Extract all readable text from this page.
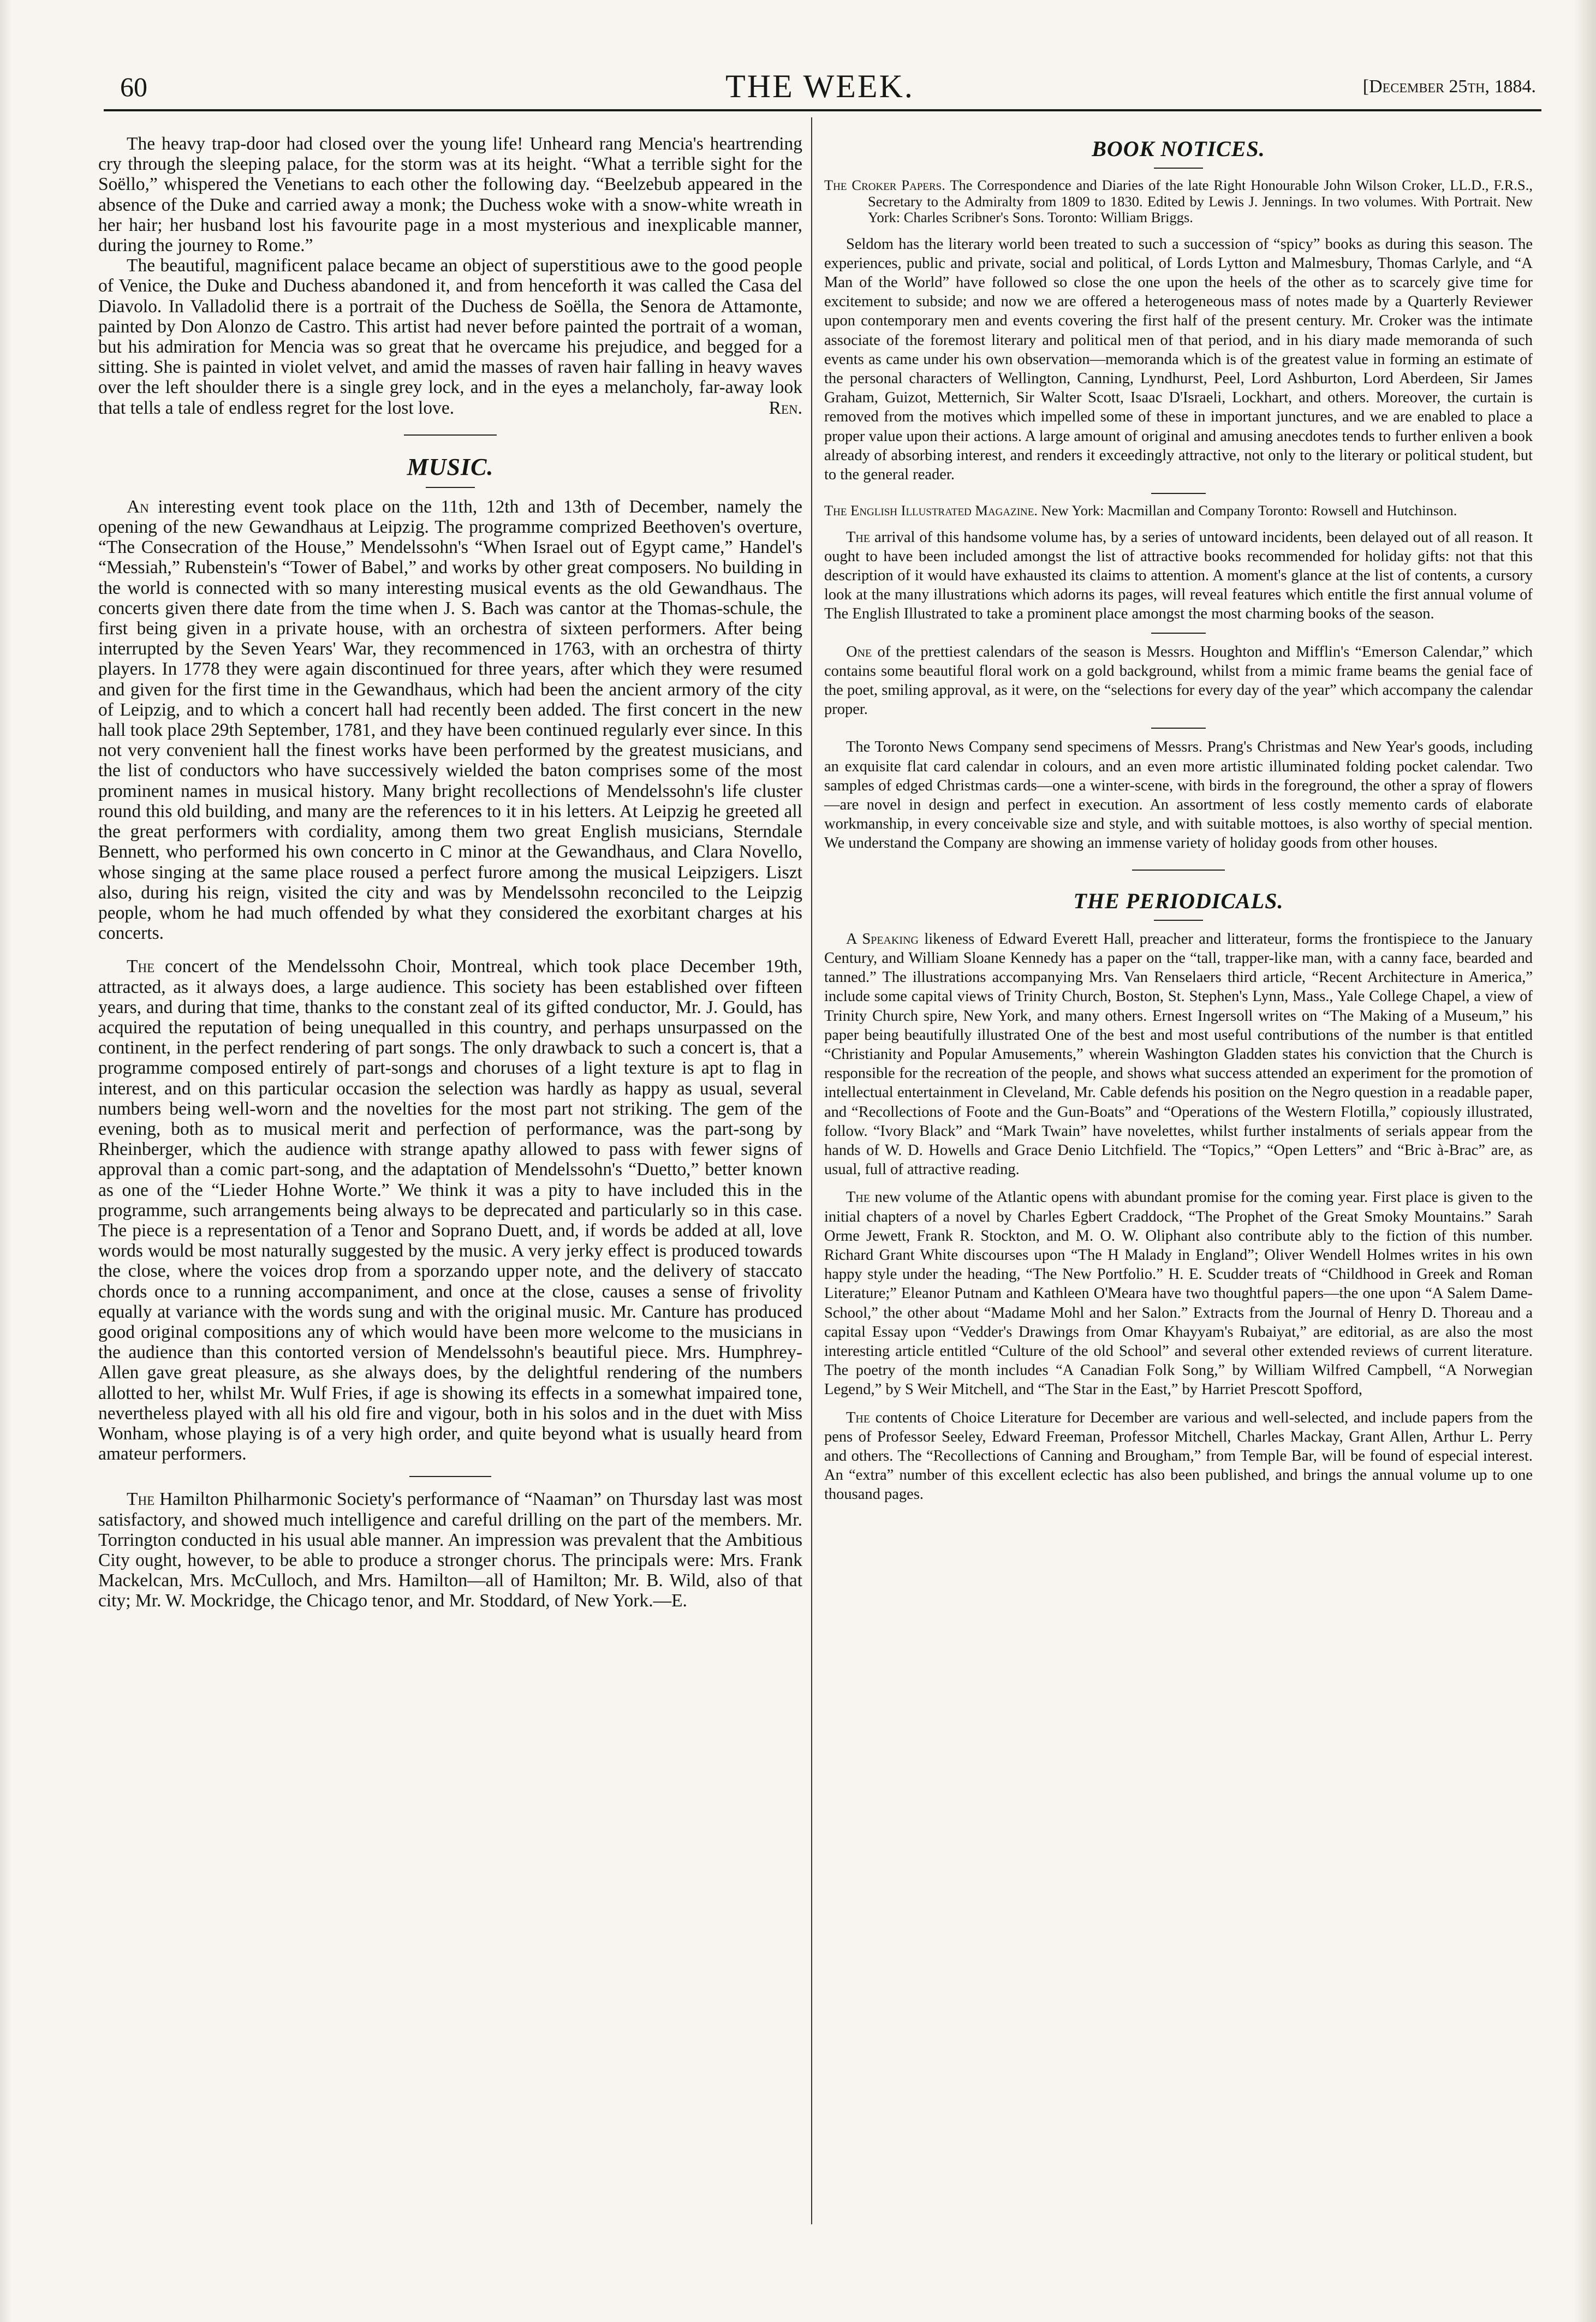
60	THE WEEK.	[December 25th, 1884.

The heavy trap-door had closed over the young life! Unheard rang Mencia's heartrending cry through the sleeping palace, for the storm was at its height. “What a terrible sight for the Soëllo,” whispered the Venetians to each other the following day. “Beelzebub appeared in the absence of the Duke and carried away a monk; the Duchess woke with a snow-white wreath in her hair; her husband lost his favourite page in a most mysterious and inexplicable manner, during the journey to Rome.”

The beautiful, magnificent palace became an object of superstitious awe to the good people of Venice, the Duke and Duchess abandoned it, and from henceforth it was called the Casa del Diavolo. In Valladolid there is a portrait of the Duchess de Soëlla, the Senora de Attamonte, painted by Don Alonzo de Castro. This artist had never before painted the portrait of a woman, but his admiration for Mencia was so great that he overcame his prejudice, and begged for a sitting. She is painted in violet velvet, and amid the masses of raven hair falling in heavy waves over the left shoulder there is a single grey lock, and in the eyes a melancholy, far-away look that tells a tale of endless regret for the lost love.	Ren.

MUSIC.

An interesting event took place on the 11th, 12th and 13th of December, namely the opening of the new Gewandhaus at Leipzig. The programme comprized Beethoven's overture, “The Consecration of the House,” Mendelssohn's “When Israel out of Egypt came,” Handel's “Messiah,” Rubenstein's “Tower of Babel,” and works by other great composers. No building in the world is connected with so many interesting musical events as the old Gewandhaus. The concerts given there date from the time when J. S. Bach was cantor at the Thomas-schule, the first being given in a private house, with an orchestra of sixteen performers. After being interrupted by the Seven Years' War, they recommenced in 1763, with an orchestra of thirty players. In 1778 they were again discontinued for three years, after which they were resumed and given for the first time in the Gewandhaus, which had been the ancient armory of the city of Leipzig, and to which a concert hall had recently been added. The first concert in the new hall took place 29th September, 1781, and they have been continued regularly ever since. In this not very convenient hall the finest works have been performed by the greatest musicians, and the list of conductors who have successively wielded the baton comprises some of the most prominent names in musical history. Many bright recollections of Mendelssohn's life cluster round this old building, and many are the references to it in his letters. At Leipzig he greeted all the great performers with cordiality, among them two great English musicians, Sterndale Bennett, who performed his own concerto in C minor at the Gewandhaus, and Clara Novello, whose singing at the same place roused a perfect furore among the musical Leipzigers. Liszt also, during his reign, visited the city and was by Mendelssohn reconciled to the Leipzig people, whom he had much offended by what they considered the exorbitant charges at his concerts.

The concert of the Mendelssohn Choir, Montreal, which took place December 19th, attracted, as it always does, a large audience. This society has been established over fifteen years, and during that time, thanks to the constant zeal of its gifted conductor, Mr. J. Gould, has acquired the reputation of being unequalled in this country, and perhaps unsurpassed on the continent, in the perfect rendering of part songs. The only drawback to such a concert is, that a programme composed entirely of part-songs and choruses of a light texture is apt to flag in interest, and on this particular occasion the selection was hardly as happy as usual, several numbers being well-worn and the novelties for the most part not striking. The gem of the evening, both as to musical merit and perfection of performance, was the part-song by Rheinberger, which the audience with strange apathy allowed to pass with fewer signs of approval than a comic part-song, and the adaptation of Mendelssohn's “Duetto,” better known as one of the “Lieder Hohne Worte.” We think it was a pity to have included this in the programme, such arrangements being always to be deprecated and particularly so in this case. The piece is a representation of a Tenor and Soprano Duett, and, if words be added at all, love words would be most naturally suggested by the music. A very jerky effect is produced towards the close, where the voices drop from a sporzando upper note, and the delivery of staccato chords once to a running accompaniment, and once at the close, causes a sense of frivolity equally at variance with the words sung and with the original music. Mr. Canture has produced good original compositions any of which would have been more welcome to the musicians in the audience than this contorted version of Mendelssohn's beautiful piece. Mrs. Humphrey-Allen gave great pleasure, as she always does, by the delightful rendering of the numbers allotted to her, whilst Mr. Wulf Fries, if age is showing its effects in a somewhat impaired tone, nevertheless played with all his old fire and vigour, both in his solos and in the duet with Miss Wonham, whose playing is of a very high order, and quite beyond what is usually heard from amateur performers.

The Hamilton Philharmonic Society's performance of “Naaman” on Thursday last was most satisfactory, and showed much intelligence and careful drilling on the part of the members. Mr. Torrington conducted in his usual able manner. An impression was prevalent that the Ambitious City ought, however, to be able to produce a stronger chorus. The principals were: Mrs. Frank Mackelcan, Mrs. McCulloch, and Mrs. Hamilton—all of Hamilton; Mr. B. Wild, also of that city; Mr. W. Mockridge, the Chicago tenor, and Mr. Stoddard, of New York.—E.

BOOK NOTICES.

The Croker Papers. The Correspondence and Diaries of the late Right Honourable John Wilson Croker, LL.D., F.R.S., Secretary to the Admiralty from 1809 to 1830. Edited by Lewis J. Jennings. In two volumes. With Portrait. New York: Charles Scribner's Sons. Toronto: William Briggs.

Seldom has the literary world been treated to such a succession of “spicy” books as during this season. The experiences, public and private, social and political, of Lords Lytton and Malmesbury, Thomas Carlyle, and “A Man of the World” have followed so close the one upon the heels of the other as to scarcely give time for excitement to subside; and now we are offered a heterogeneous mass of notes made by a Quarterly Reviewer upon contemporary men and events covering the first half of the present century. Mr. Croker was the intimate associate of the foremost literary and political men of that period, and in his diary made memoranda of such events as came under his own observation—memoranda which is of the greatest value in forming an estimate of the personal characters of Wellington, Canning, Lyndhurst, Peel, Lord Ashburton, Lord Aberdeen, Sir James Graham, Guizot, Metternich, Sir Walter Scott, Isaac D'Israeli, Lockhart, and others. Moreover, the curtain is removed from the motives which impelled some of these in important junctures, and we are enabled to place a proper value upon their actions. A large amount of original and amusing anecdotes tends to further enliven a book already of absorbing interest, and renders it exceedingly attractive, not only to the literary or political student, but to the general reader.

The English Illustrated Magazine. New York: Macmillan and Company Toronto: Rowsell and Hutchinson.

The arrival of this handsome volume has, by a series of untoward incidents, been delayed out of all reason. It ought to have been included amongst the list of attractive books recommended for holiday gifts: not that this description of it would have exhausted its claims to attention. A moment's glance at the list of contents, a cursory look at the many illustrations which adorns its pages, will reveal features which entitle the first annual volume of The English Illustrated to take a prominent place amongst the most charming books of the season.

One of the prettiest calendars of the season is Messrs. Houghton and Mifflin's “Emerson Calendar,” which contains some beautiful floral work on a gold background, whilst from a mimic frame beams the genial face of the poet, smiling approval, as it were, on the “selections for every day of the year” which accompany the calendar proper.

The Toronto News Company send specimens of Messrs. Prang's Christmas and New Year's goods, including an exquisite flat card calendar in colours, and an even more artistic illuminated folding pocket calendar. Two samples of edged Christmas cards—one a winter-scene, with birds in the foreground, the other a spray of flowers—are novel in design and perfect in execution. An assortment of less costly memento cards of elaborate workmanship, in every conceivable size and style, and with suitable mottoes, is also worthy of special mention. We understand the Company are showing an immense variety of holiday goods from other houses.

THE PERIODICALS.

A Speaking likeness of Edward Everett Hall, preacher and litterateur, forms the frontispiece to the January Century, and William Sloane Kennedy has a paper on the “tall, trapper-like man, with a canny face, bearded and tanned.” The illustrations accompanying Mrs. Van Renselaers third article, “Recent Architecture in America,” include some capital views of Trinity Church, Boston, St. Stephen's Lynn, Mass., Yale College Chapel, a view of Trinity Church spire, New York, and many others. Ernest Ingersoll writes on “The Making of a Museum,” his paper being beautifully illustrated One of the best and most useful contributions of the number is that entitled “Christianity and Popular Amusements,” wherein Washington Gladden states his conviction that the Church is responsible for the recreation of the people, and shows what success attended an experiment for the promotion of intellectual entertainment in Cleveland, Mr. Cable defends his position on the Negro question in a readable paper, and “Recollections of Foote and the Gun-Boats” and “Operations of the Western Flotilla,” copiously illustrated, follow. “Ivory Black” and “Mark Twain” have novelettes, whilst further instalments of serials appear from the hands of W. D. Howells and Grace Denio Litchfield. The “Topics,” “Open Letters” and “Bric à-Brac” are, as usual, full of attractive reading.

The new volume of the Atlantic opens with abundant promise for the coming year. First place is given to the initial chapters of a novel by Charles Egbert Craddock, “The Prophet of the Great Smoky Mountains.” Sarah Orme Jewett, Frank R. Stockton, and M. O. W. Oliphant also contribute ably to the fiction of this number. Richard Grant White discourses upon “The H Malady in England”; Oliver Wendell Holmes writes in his own happy style under the heading, “The New Portfolio.” H. E. Scudder treats of “Childhood in Greek and Roman Literature;” Eleanor Putnam and Kathleen O'Meara have two thoughtful papers—the one upon “A Salem Dame-School,” the other about “Madame Mohl and her Salon.” Extracts from the Journal of Henry D. Thoreau and a capital Essay upon “Vedder's Drawings from Omar Khayyam's Rubaiyat,” are editorial, as are also the most interesting article entitled “Culture of the old School” and several other extended reviews of current literature. The poetry of the month includes “A Canadian Folk Song,” by William Wilfred Campbell, “A Norwegian Legend,” by S Weir Mitchell, and “The Star in the East,” by Harriet Prescott Spofford,

The contents of Choice Literature for December are various and well-selected, and include papers from the pens of Professor Seeley, Edward Freeman, Professor Mitchell, Charles Mackay, Grant Allen, Arthur L. Perry and others. The “Recollections of Canning and Brougham,” from Temple Bar, will be found of especial interest. An “extra” number of this excellent eclectic has also been published, and brings the annual volume up to one thousand pages.
